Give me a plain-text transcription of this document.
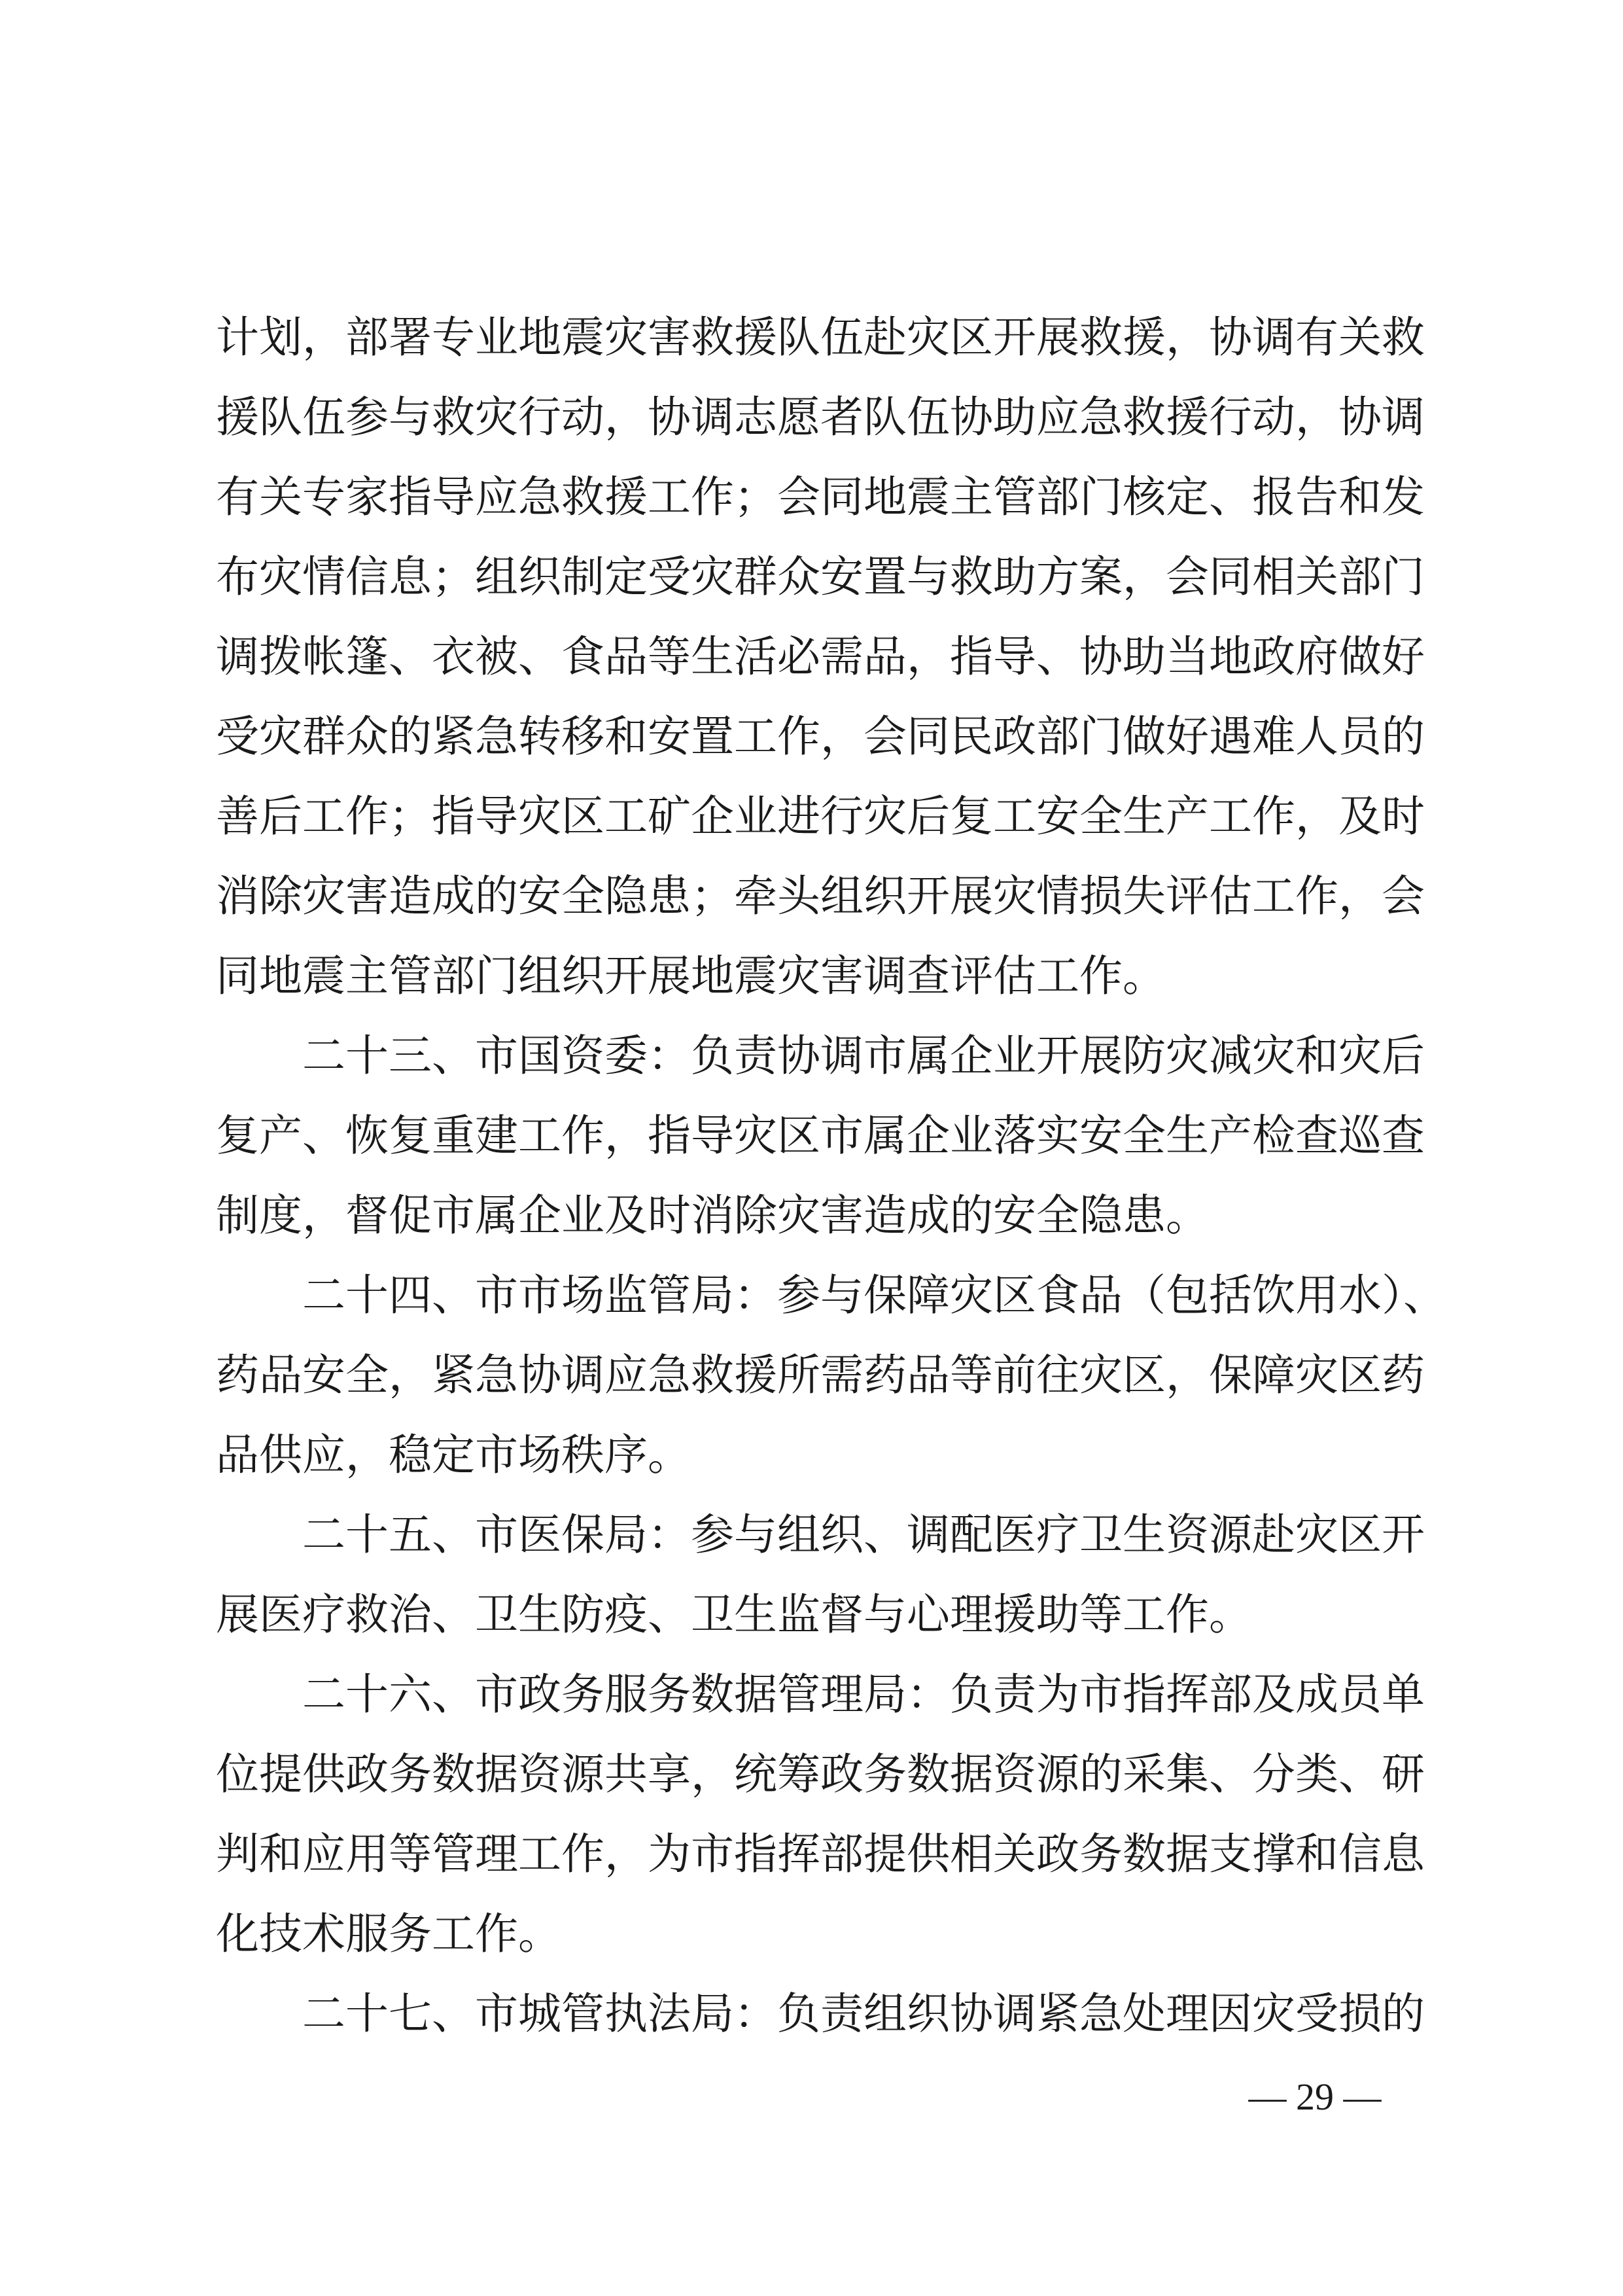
计划，部署专业地震灾害救援队伍赴灾区开展救援，协调有关救
援队伍参与救灾行动，协调志愿者队伍协助应急救援行动，协调
有关专家指导应急救援工作；会同地震主管部门核定、报告和发
布灾情信息；组织制定受灾群众安置与救助方案，会同相关部门
调拨帐篷、衣被、食品等生活必需品，指导、协助当地政府做好
受灾群众的紧急转移和安置工作，会同民政部门做好遇难人员的
善后工作；指导灾区工矿企业进行灾后复工安全生产工作，及时
消除灾害造成的安全隐患；牵头组织开展灾情损失评估工作，会
同地震主管部门组织开展地震灾害调查评估工作。
二十三、市国资委：负责协调市属企业开展防灾减灾和灾后
复产、恢复重建工作，指导灾区市属企业落实安全生产检查巡查
制度，督促市属企业及时消除灾害造成的安全隐患。
二十四、市市场监管局：参与保障灾区食品（包括饮用水）、
药品安全，紧急协调应急救援所需药品等前往灾区，保障灾区药
品供应，稳定市场秩序。
二十五、市医保局：参与组织、调配医疗卫生资源赴灾区开
展医疗救治、卫生防疫、卫生监督与心理援助等工作。
二十六、市政务服务数据管理局：负责为市指挥部及成员单
位提供政务数据资源共享，统筹政务数据资源的采集、分类、研
判和应用等管理工作，为市指挥部提供相关政务数据支撑和信息
化技术服务工作。
二十七、市城管执法局：负责组织协调紧急处理因灾受损的
— 29 —
